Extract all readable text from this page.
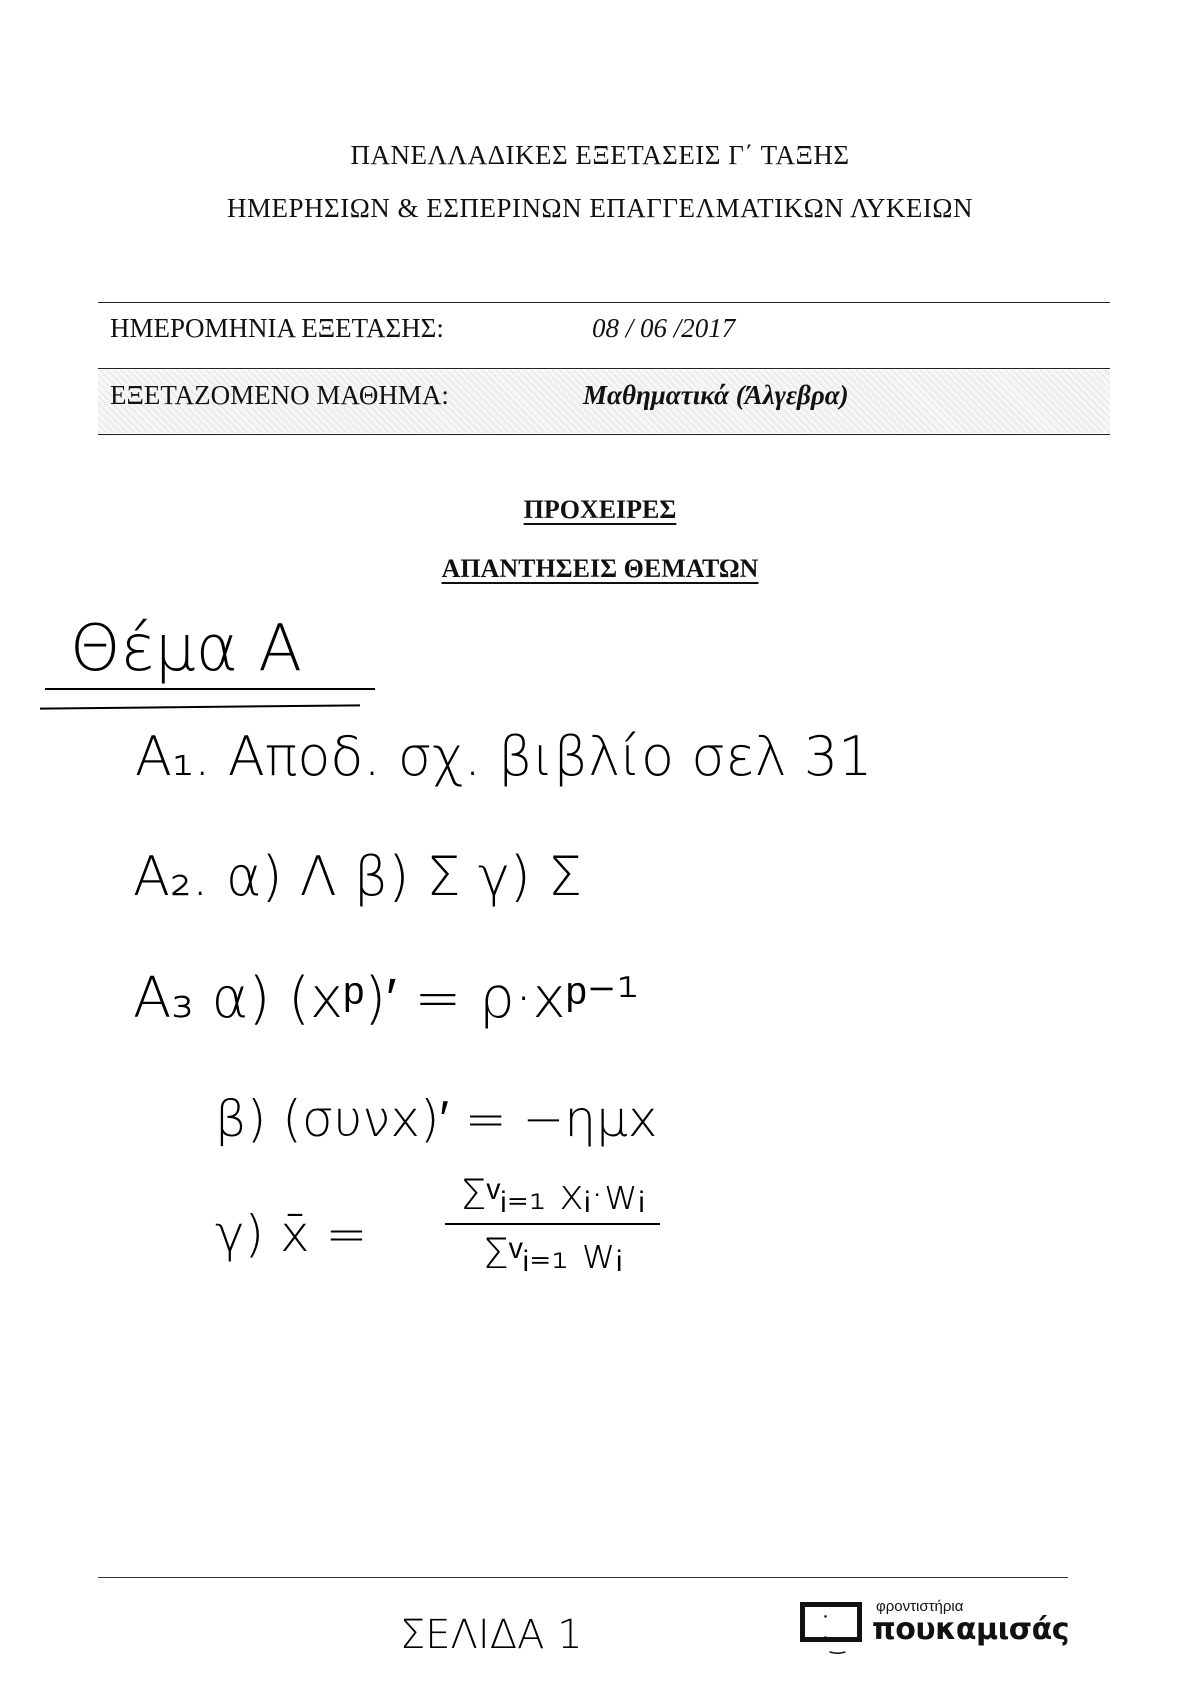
ΠΑΝΕΛΛΑΔΙΚΕΣ ΕΞΕΤΑΣΕΙΣ Γ΄ ΤΑΞΗΣ
ΗΜΕΡΗΣΙΩΝ & ΕΣΠΕΡΙΝΩΝ ΕΠΑΓΓΕΛΜΑΤΙΚΩΝ ΛΥΚΕΙΩΝ
ΗΜΕΡΟΜΗΝΙΑ ΕΞΕΤΑΣΗΣ:	08 / 06 /2017
ΕΞΕΤΑΖΟΜΕΝΟ ΜΑΘΗΜΑ:	Μαθηματικά (Άλγεβρα)
ΠΡΟΧΕΙΡΕΣ
ΑΠΑΝΤΗΣΕΙΣ ΘΕΜΑΤΩΝ
Θέμα Α
A₁. Αποδ. σχ. βιβλίο σελ 31
A₂. α) Λ β) Σ γ) Σ
A₃ α) (xᵖ)′ = ρ·xᵖ⁻¹
β) (συνx)′ = −ημx
γ) x̄ =
Σᵛᵢ₌₁ xᵢ·wᵢ
Σᵛᵢ₌₁ wᵢ
ΣΕΛΙΔΑ 1	˙ ˙‿
φροντιστήρια
πουκαμισάς
